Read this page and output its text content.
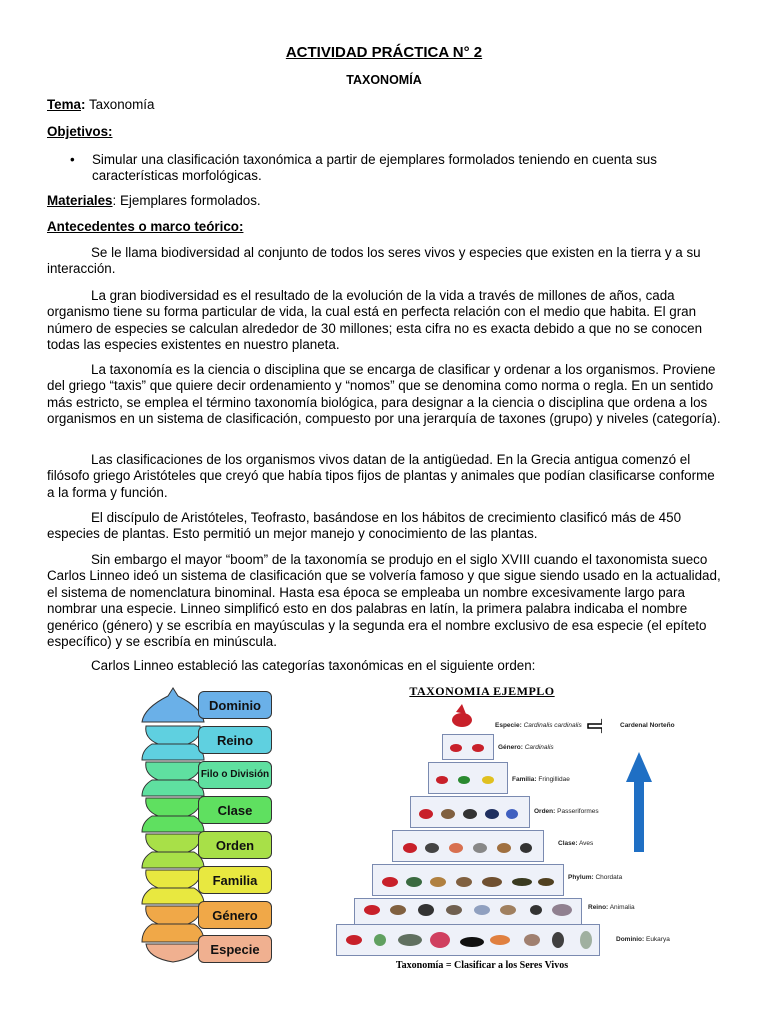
ACTIVIDAD PRÁCTICA N° 2
TAXONOMÍA
Tema: Taxonomía
Objetivos:
•	Simular una clasificación taxonómica a partir de ejemplares formolados teniendo en cuenta sus características morfológicas.
Materiales: Ejemplares formolados.
Antecedentes o marco teórico:

Se le llama biodiversidad al conjunto de todos los seres vivos y especies que existen en la tierra y a su interacción.

La gran biodiversidad es el resultado de la evolución de la vida a través de millones de años, cada organismo tiene su forma particular de vida, la cual está en perfecta relación con el medio que habita. El gran número de especies se calculan alrededor de 30 millones; esta cifra no es exacta debido a que no se conocen todas las especies existentes en nuestro planeta.

La taxonomía es la ciencia o disciplina que se encarga de clasificar y ordenar a los organismos. Proviene del griego “taxis” que quiere decir ordenamiento y “nomos” que se denomina como norma o regla. En un sentido más estricto, se emplea el término taxonomía biológica, para designar a la ciencia o disciplina que ordena a los organismos en un sistema de clasificación, compuesto por una jerarquía de taxones (grupo) y niveles (categoría).

Las clasificaciones de los organismos vivos datan de la antigüedad. En la Grecia antigua comenzó el filósofo griego Aristóteles que creyó que había tipos fijos de plantas y animales que podían clasificarse conforme a la forma y función.

El discípulo de Aristóteles, Teofrasto, basándose en los hábitos de crecimiento clasificó más de 450 especies de plantas. Esto permitió un mejor manejo y conocimiento de las plantas.

Sin embargo el mayor “boom” de la taxonomía se produjo en el siglo XVIII cuando el taxonomista sueco Carlos Linneo ideó un sistema de clasificación que se volvería famoso y que sigue siendo usado en la actualidad, el sistema de nomenclatura binominal. Hasta esa época se empleaba un nombre excesivamente largo para nombrar una especie. Linneo simplificó esto en dos palabras en latín, la primera palabra indicaba el nombre genérico (género) y se escribía en mayúsculas y la segunda era el nombre exclusivo de esa especie (el epíteto específico) y se escribía en minúscula.

Carlos Linneo estableció las categorías taxonómicas en el siguiente orden:

Dominio
Reino
Filo o División
Clase
Orden
Familia
Género
Especie
TAXONOMIA EJEMPLO
Especie: Cardinalis cardinalis	Cardenal Norteño
Género: Cardinalis
Familia: Fringillidae
Orden: Passeriformes
Clase: Aves
Phylum: Chordata
Reino: Animalia
Dominio: Eukarya
Taxonomía = Clasificar a los Seres Vivos
